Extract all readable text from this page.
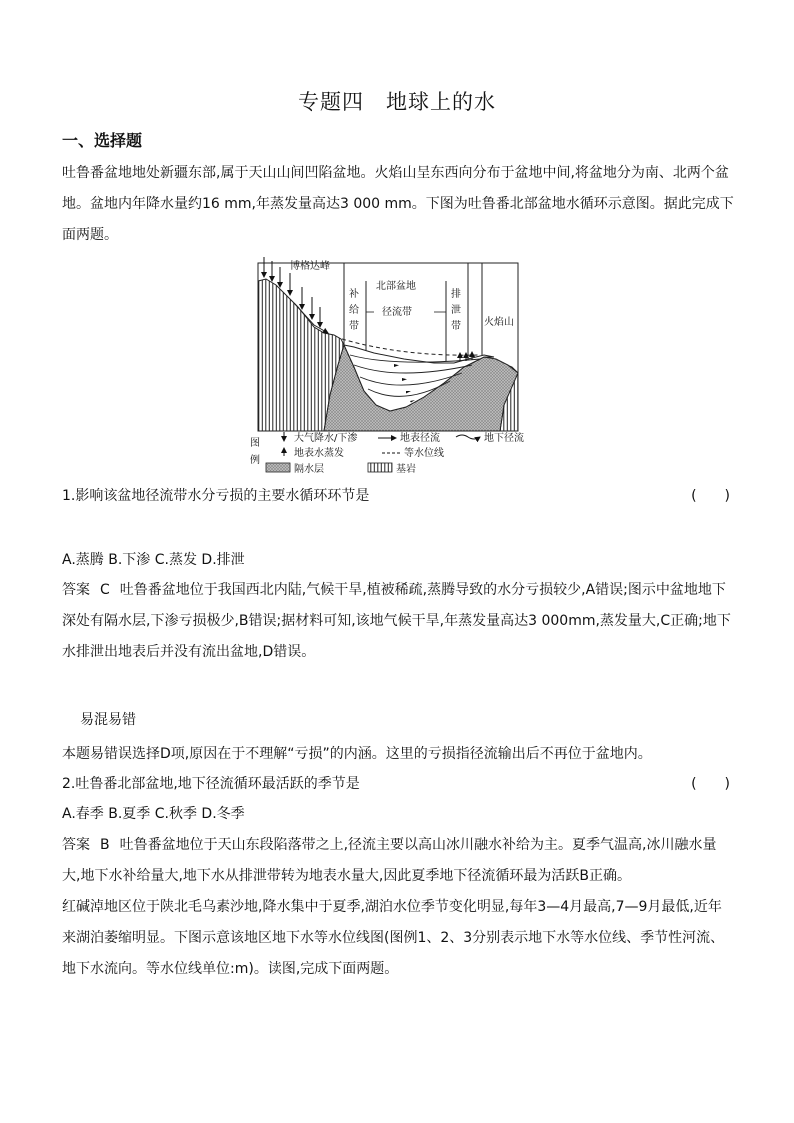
专题四　地球上的水
一、选择题
吐鲁番盆地地处新疆东部,属于天山山间凹陷盆地。火焰山呈东西向分布于盆地中间,将盆地分为南、北两个盆地。盆地内年降水量约16 mm,年蒸发量高达3 000 mm。下图为吐鲁番北部盆地水循环示意图。据此完成下面两题。
博格达峰
北部盆地
补
给
带
排
泄
带
径流带
火焰山
图
例
大气降水/下渗	地表径流	地下径流
地表水蒸发	等水位线
隔水层	基岩
1.影响该盆地径流带水分亏损的主要水循环环节是	(　　)
A.蒸腾 B.下渗 C.蒸发 D.排泄
答案 C 吐鲁番盆地位于我国西北内陆,气候干旱,植被稀疏,蒸腾导致的水分亏损较少,A错误;图示中盆地地下深处有隔水层,下渗亏损极少,B错误;据材料可知,该地气候干旱,年蒸发量高达3 000mm,蒸发量大,C正确;地下水排泄出地表后并没有流出盆地,D错误。
易混易错
本题易错误选择D项,原因在于不理解“亏损”的内涵。这里的亏损指径流输出后不再位于盆地内。
2.吐鲁番北部盆地,地下径流循环最活跃的季节是	(　　)
A.春季 B.夏季 C.秋季 D.冬季
答案 B 吐鲁番盆地位于天山东段陷落带之上,径流主要以高山冰川融水补给为主。夏季气温高,冰川融水量大,地下水补给量大,地下水从排泄带转为地表水量大,因此夏季地下径流循环最为活跃B正确。
红碱淖地区位于陕北毛乌素沙地,降水集中于夏季,湖泊水位季节变化明显,每年3—4月最高,7—9月最低,近年来湖泊萎缩明显。下图示意该地区地下水等水位线图(图例1、2、3分别表示地下水等水位线、季节性河流、地下水流向。等水位线单位:m)。读图,完成下面两题。
